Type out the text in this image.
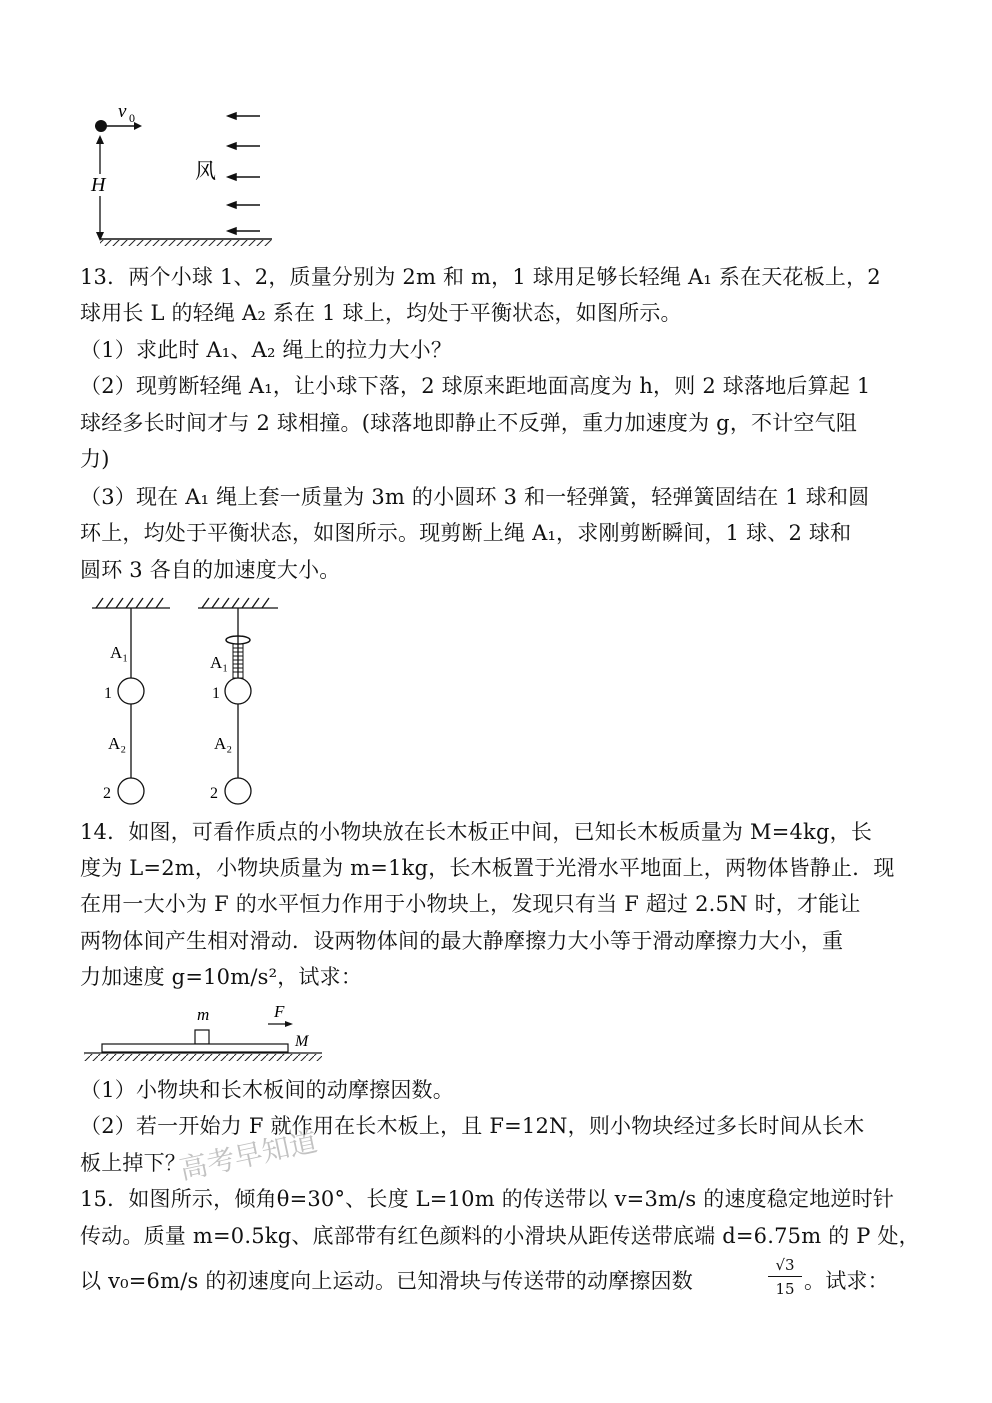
v 0
H
风
13．两个小球 1、2，质量分别为 2m 和 m，1 球用足够长轻绳 A₁ 系在天花板上，2
球用长 L 的轻绳 A₂ 系在 1 球上，均处于平衡状态，如图所示。
（1）求此时 A₁、A₂ 绳上的拉力大小？
（2）现剪断轻绳 A₁，让小球下落，2 球原来距地面高度为 h，则 2 球落地后算起 1
球经多长时间才与 2 球相撞。(球落地即静止不反弹，重力加速度为 g，不计空气阻
力)
（3）现在 A₁ 绳上套一质量为 3m 的小圆环 3 和一轻弹簧，轻弹簧固结在 1 球和圆
环上，均处于平衡状态，如图所示。现剪断上绳 A₁，求刚剪断瞬间，1 球、2 球和
圆环 3 各自的加速度大小。
A₁
1
A₂
2
A₁
1
A₂
2
14．如图，可看作质点的小物块放在长木板正中间，已知长木板质量为 M=4kg，长
度为 L=2m，小物块质量为 m=1kg，长木板置于光滑水平地面上，两物体皆静止．现
在用一大小为 F 的水平恒力作用于小物块上，发现只有当 F 超过 2.5N 时，才能让
两物体间产生相对滑动．设两物体间的最大静摩擦力大小等于滑动摩擦力大小，重
力加速度 g=10m/s²，试求：
m	F
M
（1）小物块和长木板间的动摩擦因数。
（2）若一开始力 F 就作用在长木板上，且 F=12N，则小物块经过多长时间从长木
板上掉下？
高考早知道
15．如图所示，倾角θ=30°、长度 L=10m 的传送带以 v=3m/s 的速度稳定地逆时针
传动。质量 m=0.5kg、底部带有红色颜料的小滑块从距传送带底端 d=6.75m 的 P 处，
以 v₀=6m/s 的初速度向上运动。已知滑块与传送带的动摩擦因数	$\frac{√3}{15}$ 。试求：
